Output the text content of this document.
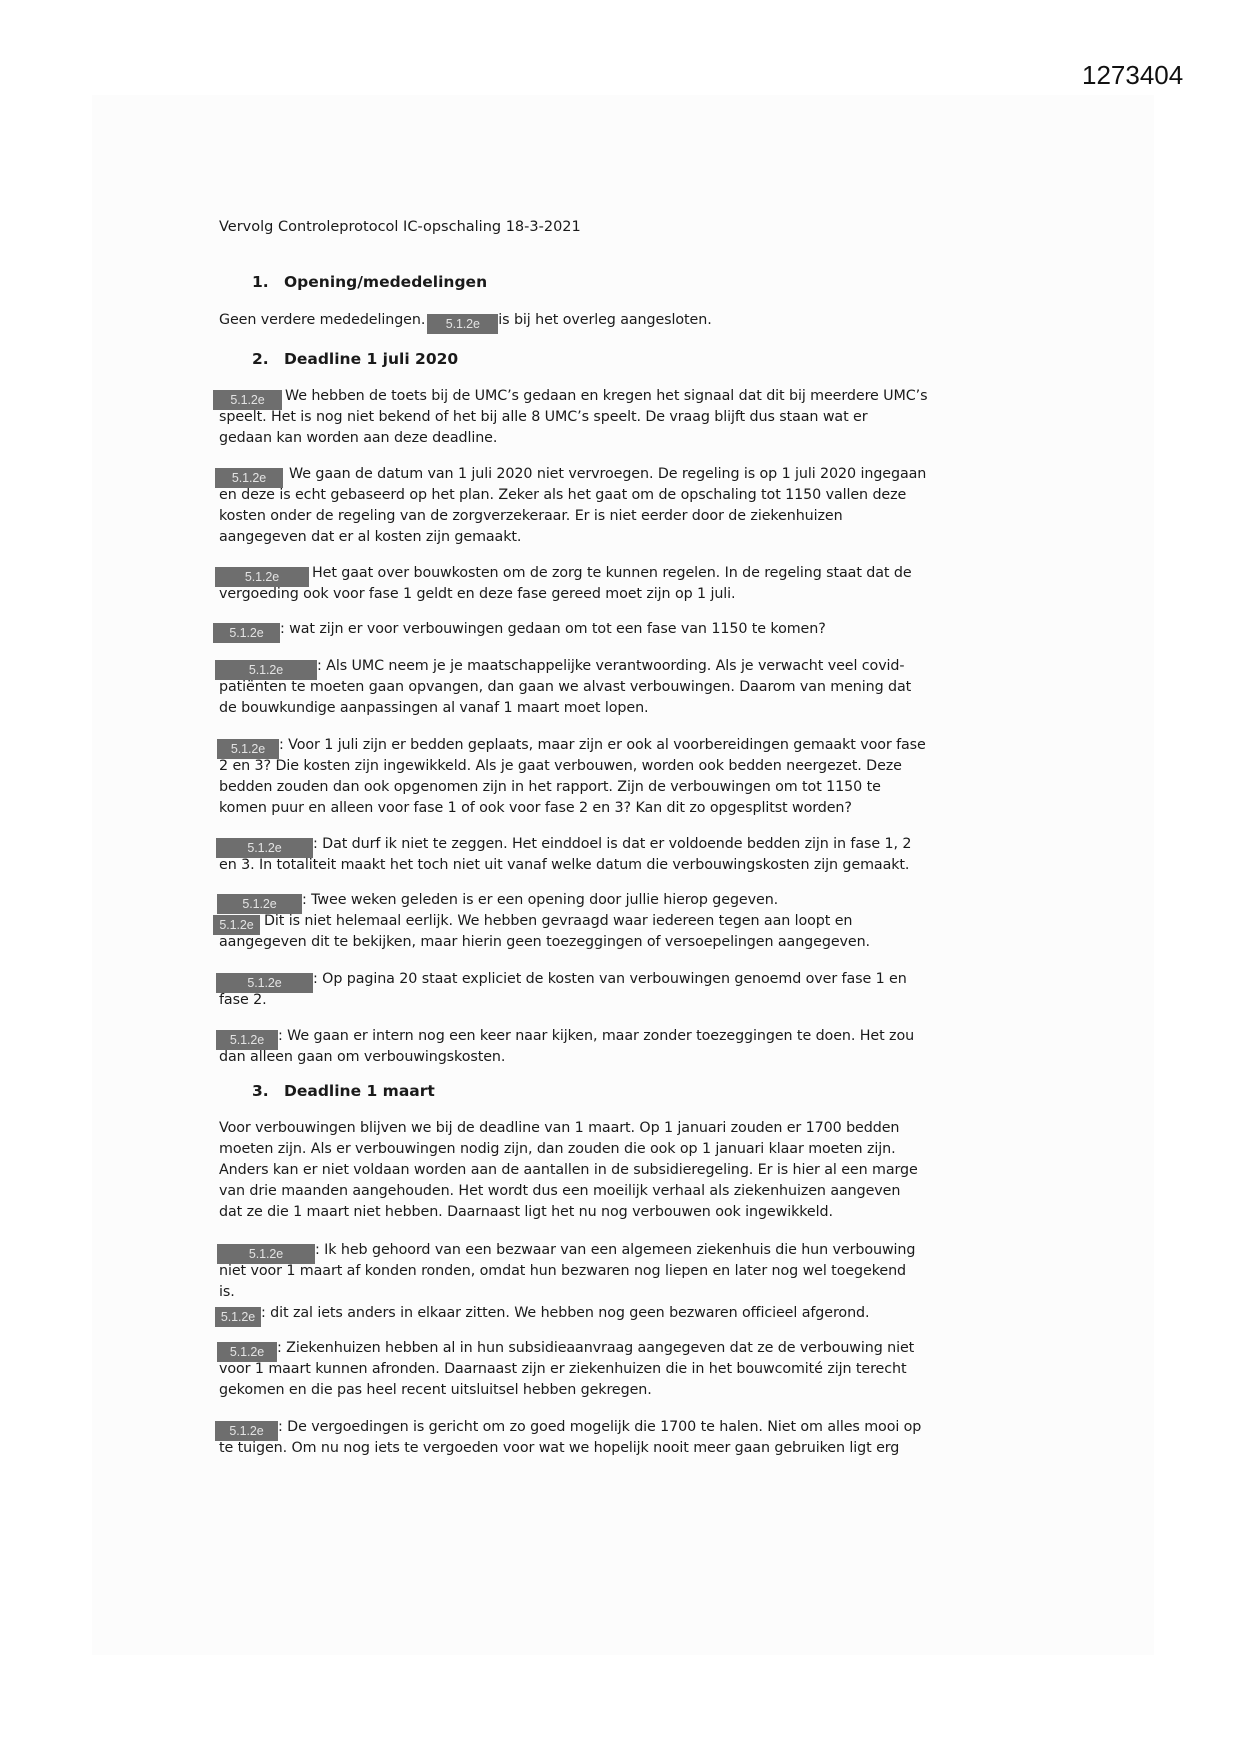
1273404
Vervolg Controleprotocol IC-opschaling 18-3-2021
1. Opening/mededelingen
Geen verdere mededelingen. 5.1.2e is bij het overleg aangesloten.
2. Deadline 1 juli 2020
5.1.2e We hebben de toets bij de UMC’s gedaan en kregen het signaal dat dit bij meerdere UMC’s
speelt. Het is nog niet bekend of het bij alle 8 UMC’s speelt. De vraag blijft dus staan wat er
gedaan kan worden aan deze deadline.
5.1.2e We gaan de datum van 1 juli 2020 niet vervroegen. De regeling is op 1 juli 2020 ingegaan
en deze is echt gebaseerd op het plan. Zeker als het gaat om de opschaling tot 1150 vallen deze
kosten onder de regeling van de zorgverzekeraar. Er is niet eerder door de ziekenhuizen
aangegeven dat er al kosten zijn gemaakt.
5.1.2e Het gaat over bouwkosten om de zorg te kunnen regelen. In de regeling staat dat de
vergoeding ook voor fase 1 geldt en deze fase gereed moet zijn op 1 juli.
5.1.2e : wat zijn er voor verbouwingen gedaan om tot een fase van 1150 te komen?
5.1.2e : Als UMC neem je je maatschappelijke verantwoording. Als je verwacht veel covid-
patiënten te moeten gaan opvangen, dan gaan we alvast verbouwingen. Daarom van mening dat
de bouwkundige aanpassingen al vanaf 1 maart moet lopen.
5.1.2e : Voor 1 juli zijn er bedden geplaats, maar zijn er ook al voorbereidingen gemaakt voor fase
2 en 3? Die kosten zijn ingewikkeld. Als je gaat verbouwen, worden ook bedden neergezet. Deze
bedden zouden dan ook opgenomen zijn in het rapport. Zijn de verbouwingen om tot 1150 te
komen puur en alleen voor fase 1 of ook voor fase 2 en 3? Kan dit zo opgesplitst worden?
5.1.2e : Dat durf ik niet te zeggen. Het einddoel is dat er voldoende bedden zijn in fase 1, 2
en 3. In totaliteit maakt het toch niet uit vanaf welke datum die verbouwingskosten zijn gemaakt.
5.1.2e : Twee weken geleden is er een opening door jullie hierop gegeven.
5.1.2e Dit is niet helemaal eerlijk. We hebben gevraagd waar iedereen tegen aan loopt en
aangegeven dit te bekijken, maar hierin geen toezeggingen of versoepelingen aangegeven.
5.1.2e : Op pagina 20 staat expliciet de kosten van verbouwingen genoemd over fase 1 en
fase 2.
5.1.2e : We gaan er intern nog een keer naar kijken, maar zonder toezeggingen te doen. Het zou
dan alleen gaan om verbouwingskosten.
3. Deadline 1 maart
Voor verbouwingen blijven we bij de deadline van 1 maart. Op 1 januari zouden er 1700 bedden
moeten zijn. Als er verbouwingen nodig zijn, dan zouden die ook op 1 januari klaar moeten zijn.
Anders kan er niet voldaan worden aan de aantallen in de subsidieregeling. Er is hier al een marge
van drie maanden aangehouden. Het wordt dus een moeilijk verhaal als ziekenhuizen aangeven
dat ze die 1 maart niet hebben. Daarnaast ligt het nu nog verbouwen ook ingewikkeld.
5.1.2e : Ik heb gehoord van een bezwaar van een algemeen ziekenhuis die hun verbouwing
niet voor 1 maart af konden ronden, omdat hun bezwaren nog liepen en later nog wel toegekend
is.
5.1.2e : dit zal iets anders in elkaar zitten. We hebben nog geen bezwaren officieel afgerond.
5.1.2e : Ziekenhuizen hebben al in hun subsidieaanvraag aangegeven dat ze de verbouwing niet
voor 1 maart kunnen afronden. Daarnaast zijn er ziekenhuizen die in het bouwcomité zijn terecht
gekomen en die pas heel recent uitsluitsel hebben gekregen.
5.1.2e : De vergoedingen is gericht om zo goed mogelijk die 1700 te halen. Niet om alles mooi op
te tuigen. Om nu nog iets te vergoeden voor wat we hopelijk nooit meer gaan gebruiken ligt erg
